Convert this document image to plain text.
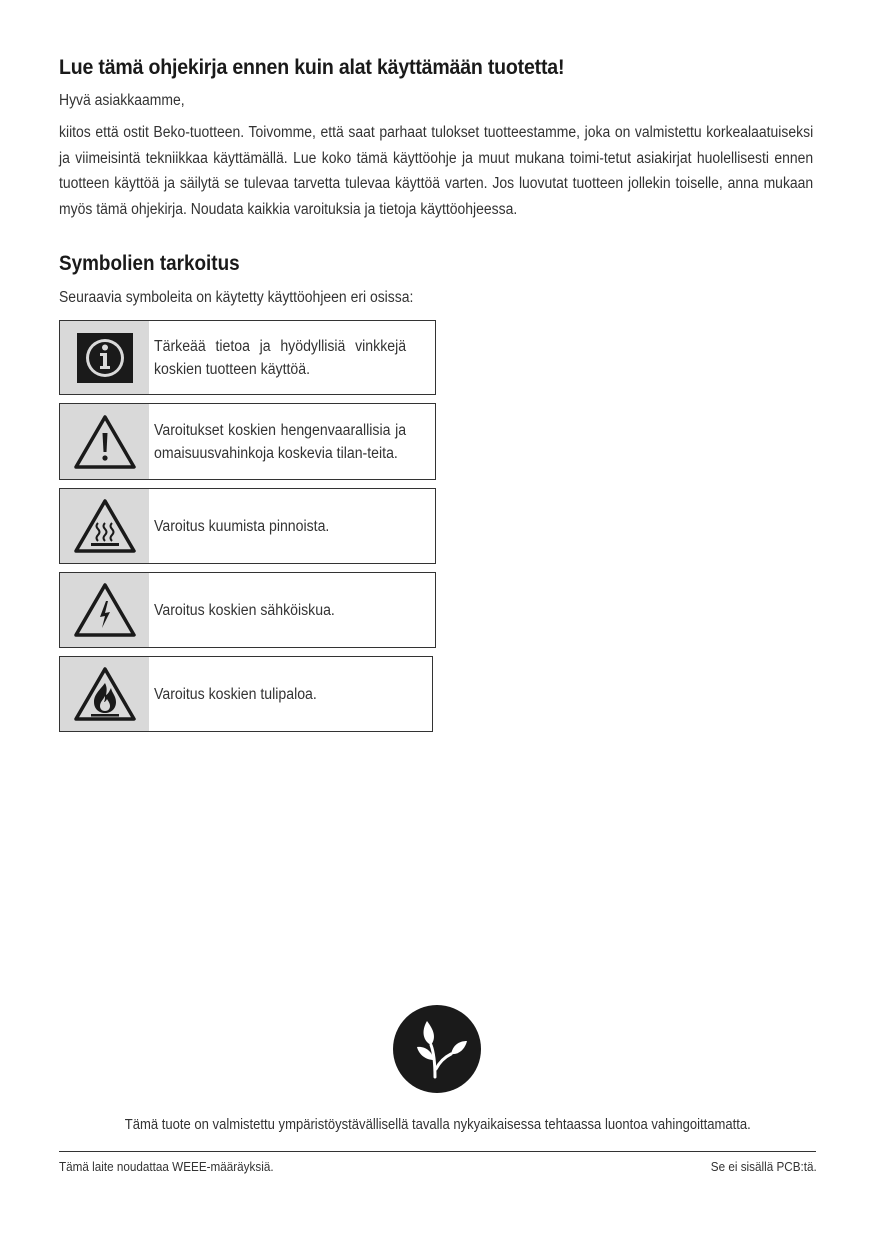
Lue tämä ohjekirja ennen kuin alat käyttämään tuotetta!
Hyvä asiakkaamme,
kiitos että ostit Beko-tuotteen. Toivomme, että saat parhaat tulokset tuotteestamme, joka on valmistettu korkealaatuiseksi ja viimeisintä tekniikkaa käyttämällä. Lue koko tämä käyttöohje ja muut mukana toimi-tetut asiakirjat huolellisesti ennen tuotteen käyttöä ja säilytä se tulevaa tarvetta tulevaa käyttöä varten. Jos luovutat tuotteen jollekin toiselle, anna mukaan myös tämä ohjekirja. Noudata kaikkia varoituksia ja tietoja käyttöohjeessa.
Symbolien tarkoitus
Seuraavia symboleita on käytetty käyttöohjeen eri osissa:
Tärkeää tietoa ja hyödyllisiä vinkkejä koskien tuotteen käyttöä.
Varoitukset koskien hengenvaarallisia ja omaisuusvahinkoja koskevia tilan-teita.
Varoitus kuumista pinnoista.
Varoitus koskien sähköiskua.
Varoitus koskien tulipaloa.
Tämä tuote on valmistettu ympäristöystävällisellä tavalla nykyaikaisessa tehtaassa luontoa vahingoittamatta.
Tämä laite noudattaa WEEE-määräyksiä.	Se ei sisällä PCB:tä.
